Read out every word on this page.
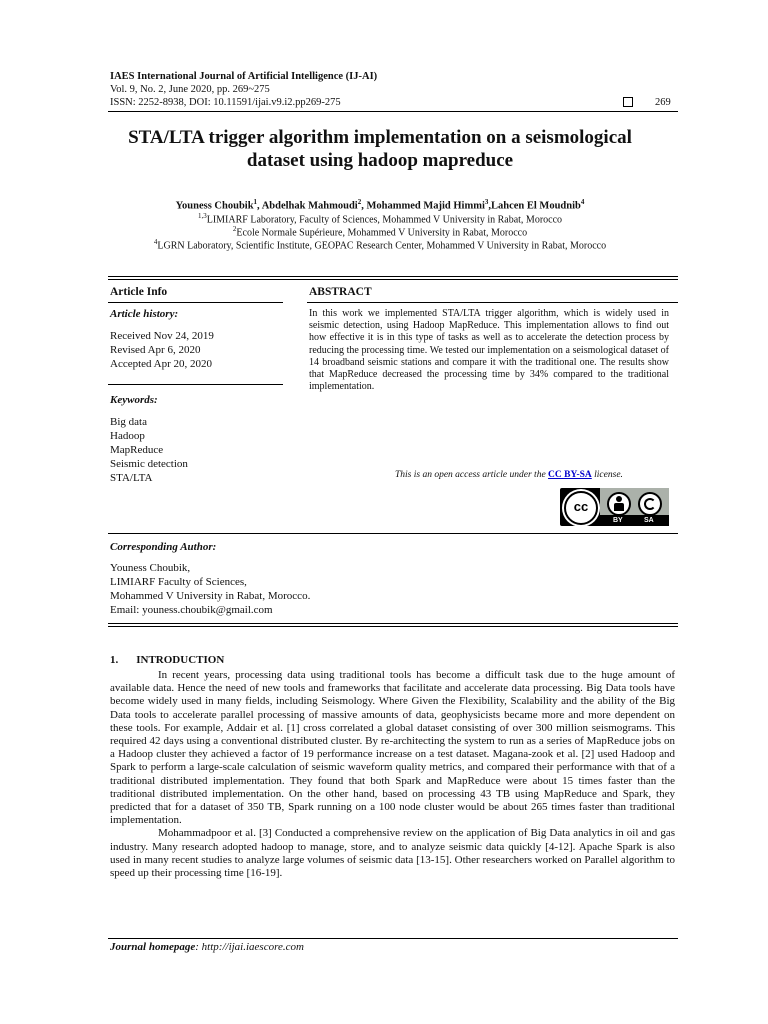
IAES International Journal of Artificial Intelligence (IJ-AI)
Vol. 9, No. 2, June 2020, pp. 269~275
ISSN: 2252-8938, DOI: 10.11591/ijai.v9.i2.pp269-275	269
STA/LTA trigger algorithm implementation on a seismological
dataset using hadoop mapreduce
Youness Choubik$^1$, Abdelhak Mahmoudi$^2$, Mohammed Majid Himmi$^3$,Lahcen El Moudnib$^4$
$^{1,3}$LIMIARF Laboratory, Faculty of Sciences, Mohammed V University in Rabat, Morocco
$^2$Ecole Normale Supérieure, Mohammed V University in Rabat, Morocco
$^4$LGRN Laboratory, Scientific Institute, GEOPAC Research Center, Mohammed V University in Rabat, Morocco
Article Info	ABSTRACT
Article history:
Received Nov 24, 2019
Revised Apr 6, 2020
Accepted Apr 20, 2020
Keywords:
Big data
Hadoop
MapReduce
Seismic detection
STA/LTA
In this work we implemented STA/LTA trigger algorithm, which is widely used in seismic detection, using Hadoop MapReduce. This implementation allows to find out how effective it is in this type of tasks as well as to accelerate the detection process by reducing the processing time. We tested our implementation on a seismological dataset of 14 broadband seismic stations and compare it with the traditional one. The results show that MapReduce decreased the processing time by 34% compared to the traditional implementation.
This is an open access article under the CC BY-SA license.
BY	SA
cc
Corresponding Author:
Youness Choubik,
LIMIARF Faculty of Sciences,
Mohammed V University in Rabat, Morocco.
Email: youness.choubik@gmail.com
1. INTRODUCTION

In recent years, processing data using traditional tools has become a difficult task due to the huge amount of available data. Hence the need of new tools and frameworks that facilitate and accelerate data processing. Big Data tools have become widely used in many fields, including Seismology. Where Given the Flexibility, Scalability and the ability of the Big Data tools to accelerate parallel processing of massive amounts of data, geophysicists became more and more dependent on these tools. For example, Addair et al. [1] cross correlated a global dataset consisting of over 300 million seismograms. This required 42 days using a conventional distributed cluster. By re-architecting the system to run as a series of MapReduce jobs on a Hadoop cluster they achieved a factor of 19 performance increase on a test dataset. Magana-zook et al. [2] used Hadoop and Spark to perform a large-scale calculation of seismic waveform quality metrics, and compared their performance with that of a traditional distributed implementation. They found that both Spark and MapReduce were about 15 times faster than the traditional distributed implementation. On the other hand, based on processing 43 TB using MapReduce and Spark, they predicted that for a dataset of 350 TB, Spark running on a 100 node cluster would be about 265 times faster than traditional implementation.

Mohammadpoor et al. [3] Conducted a comprehensive review on the application of Big Data analytics in oil and gas industry. Many research adopted hadoop to manage, store, and to analyze seismic data quickly [4-12]. Apache Spark is also used in many recent studies to analyze large volumes of seismic data [13-15]. Other researchers worked on Parallel algorithm to speed up their processing time [16-19].

Journal homepage: http://ijai.iaescore.com
